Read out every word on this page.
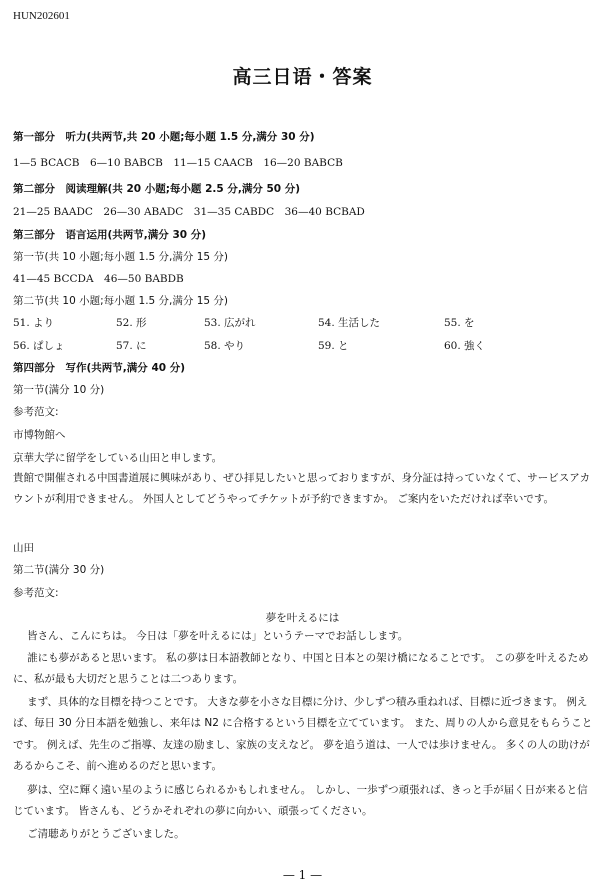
HUN202601
高三日语・答案
第一部分　听力(共两节,共 20 小题;每小题 1.5 分,满分 30 分)
1—5 BCACB　6—10 BABCB　11—15 CAACB　16—20 BABCB
第二部分　阅读理解(共 20 小题;每小题 2.5 分,满分 50 分)
21—25 BAADC　26—30 ABADC　31—35 CABDC　36—40 BCBAD
第三部分　语言运用(共两节,满分 30 分)
第一节(共 10 小题;每小题 1.5 分,满分 15 分)
41—45 BCCDA　46—50 BABDB
第二节(共 10 小题;每小题 1.5 分,满分 15 分)
51. より	52. 形	53. 広がれ	54. 生活した	55. を
56. ぱしょ	57. に	58. やり	59. と	60. 強く
第四部分　写作(共两节,满分 40 分)
第一节(满分 10 分)
参考范文:
市博物館へ
京華大学に留学をしている山田と申します。
貴館で開催される中国書道展に興味があり、ぜひ拝見したいと思っておりますが、身分証は持っていなくて、サービスアカウントが利用できません。 外国人としてどうやってチケットが予約できますか。 ご案内をいただければ幸いです。
山田
第二节(满分 30 分)
参考范文:
夢を叶えるには
皆さん、こんにちは。 今日は「夢を叶えるには」というテーマでお話しします。
誰にも夢があると思います。 私の夢は日本語教師となり、中国と日本との架け橋になることです。 この夢を叶えるために、私が最も大切だと思うことは二つあります。
まず、具体的な目標を持つことです。 大きな夢を小さな目標に分け、少しずつ積み重ねれば、目標に近づきます。 例えば、毎日 30 分日本語を勉強し、来年は N2 に合格するという目標を立てています。 また、周りの人から意見をもらうことです。 例えば、先生のご指導、友達の励まし、家族の支えなど。 夢を追う道は、一人では歩けません。 多くの人の助けがあるからこそ、前へ進めるのだと思います。
夢は、空に輝く遠い星のように感じられるかもしれません。 しかし、一歩ずつ頑張れば、きっと手が届く日が来ると信じています。 皆さんも、どうかそれぞれの夢に向かい、頑張ってください。
ご清聴ありがとうございました。
— 1 —
